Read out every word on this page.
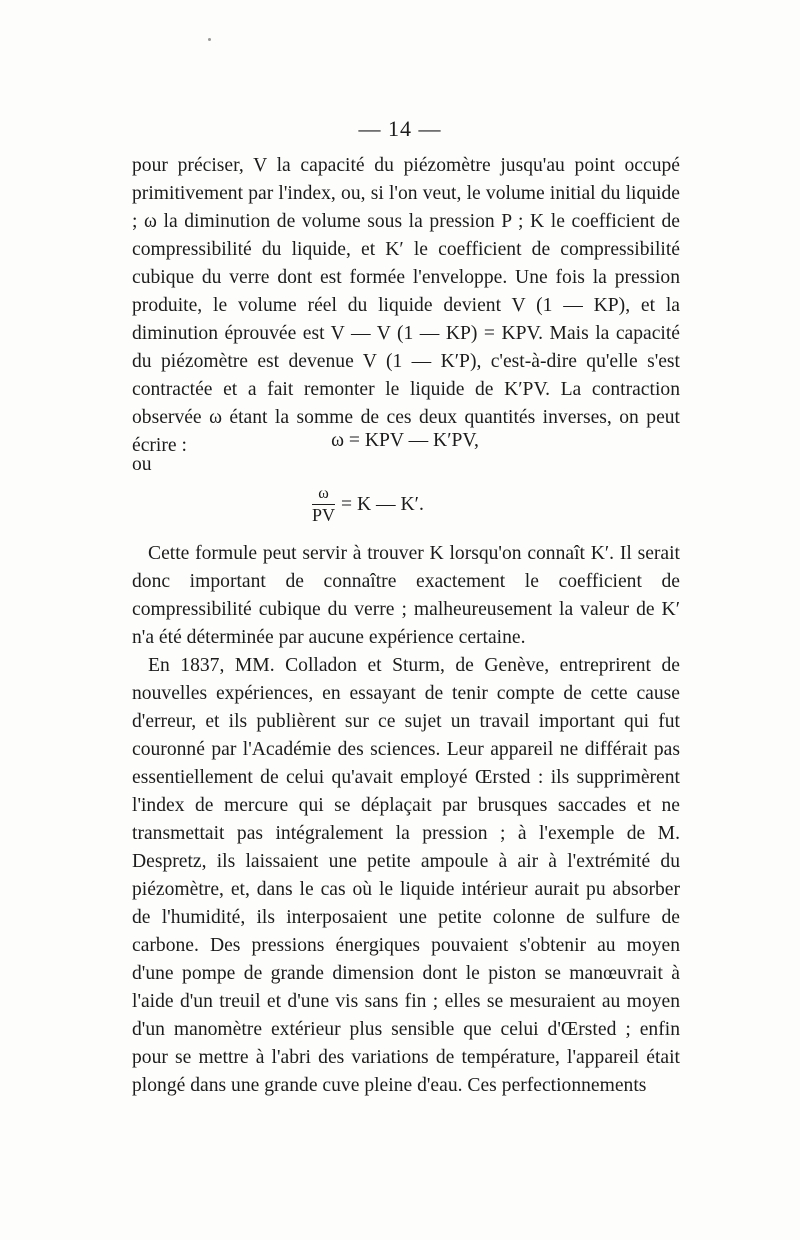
— 14 —

pour préciser, V la capacité du piézomètre jusqu'au point occupé primitivement par l'index, ou, si l'on veut, le volume initial du liquide ; ω la diminution de volume sous la pression P ; K le coefficient de compressibilité du liquide, et K′ le coefficient de compressibilité cubique du verre dont est formée l'enveloppe. Une fois la pression produite, le volume réel du liquide devient V (1 — KP), et la diminution éprouvée est V — V (1 — KP) = KPV. Mais la capacité du piézomètre est devenue V (1 — K′P), c'est-à-dire qu'elle s'est contractée et a fait remonter le liquide de K′PV. La contraction observée ω étant la somme de ces deux quantités inverses, on peut écrire :	ω = KPV — K′PV,
ou
$\frac{\omega}{PV} = K$ — K′.

Cette formule peut servir à trouver K lorsqu'on connaît K′. Il serait donc important de connaître exactement le coefficient de compressibilité cubique du verre ; malheureusement la valeur de K′ n'a été déterminée par aucune expérience certaine.

En 1837, MM. Colladon et Sturm, de Genève, entreprirent de nouvelles expériences, en essayant de tenir compte de cette cause d'erreur, et ils publièrent sur ce sujet un travail important qui fut couronné par l'Académie des sciences. Leur appareil ne différait pas essentiellement de celui qu'avait employé Œrsted : ils supprimèrent l'index de mercure qui se déplaçait par brusques saccades et ne transmettait pas intégralement la pression ; à l'exemple de M. Despretz, ils laissaient une petite ampoule à air à l'extrémité du piézomètre, et, dans le cas où le liquide intérieur aurait pu absorber de l'humidité, ils interposaient une petite colonne de sulfure de carbone. Des pressions énergiques pouvaient s'obtenir au moyen d'une pompe de grande dimension dont le piston se manœuvrait à l'aide d'un treuil et d'une vis sans fin ; elles se mesuraient au moyen d'un manomètre extérieur plus sensible que celui d'Œrsted ; enfin pour se mettre à l'abri des variations de température, l'appareil était plongé dans une grande cuve pleine d'eau. Ces perfectionnements
